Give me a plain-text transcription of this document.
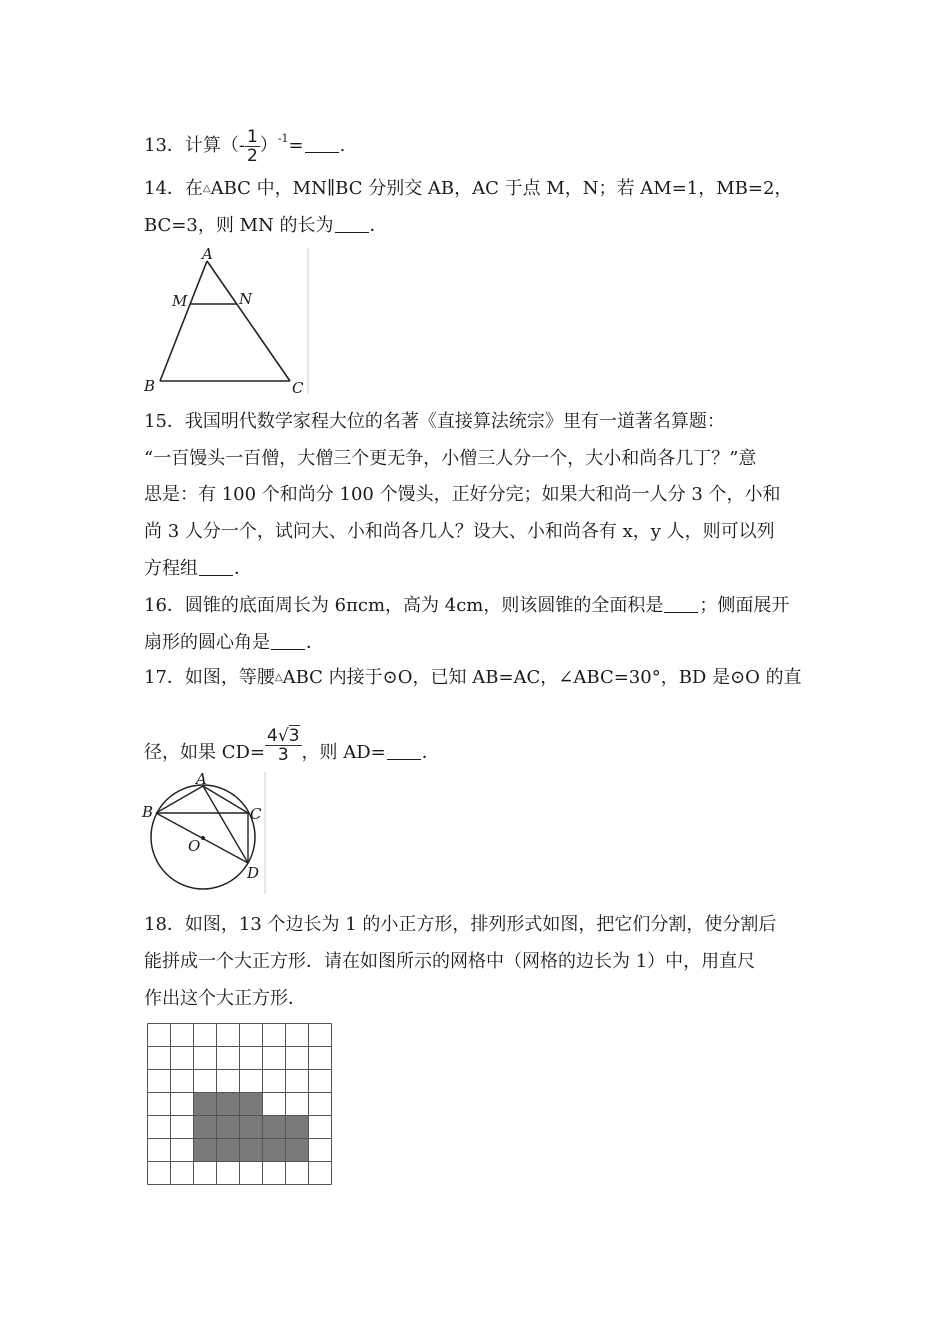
13．计算（- $\frac{1}{2} )^{-1}=$ .
14．在△ABC 中，MN∥BC 分别交 AB，AC 于点 M，N；若 AM=1，MB=2，
BC=3，则 MN 的长为 ．
A
M	N
B	C
15．我国明代数学家程大位的名著《直接算法统宗》里有一道著名算题：
“一百馒头一百僧，大僧三个更无争，小僧三人分一个，大小和尚各几丁？”意
思是：有 100 个和尚分 100 个馒头，正好分完；如果大和尚一人分 3 个，小和
尚 3 人分一个，试问大、小和尚各几人？设大、小和尚各有 x，y 人，则可以列
方程组 ．
16．圆锥的底面周长为 6πcm，高为 4cm，则该圆锥的全面积是 ；侧面展开
扇形的圆心角是 ．
17．如图，等腰△ABC 内接于⊙O，已知 AB=AC，∠ABC=30°，BD 是⊙O 的直
径，如果 $CD= \frac{4√3}{3}$ ，则 AD= ．
A
B	C
O
D
18．如图，13 个边长为 1 的小正方形，排列形式如图，把它们分割，使分割后
能拼成一个大正方形．请在如图所示的网格中（网格的边长为 1）中，用直尺
作出这个大正方形．
